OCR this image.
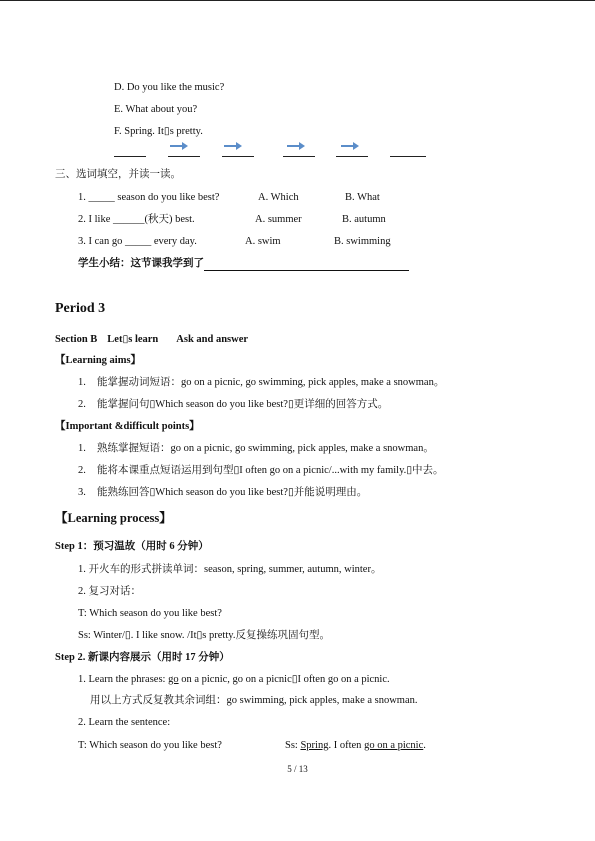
D. Do you like the music?
E. What about you?
F. Spring. It▯s pretty.
三、选词填空，并读一读。
1. _____ season do you like best?	A. Which	B. What
2. I like ______(秋天) best.	A. summer	B. autumn
3. I can go _____ every day.	A. swim	B. swimming
学生小结：这节课我学到了
Period 3
Section B Let▯s learn Ask and answer
【Learning aims】
1. 能掌握动词短语：go on a picnic, go swimming, pick apples, make a snowman。
2. 能掌握问句▯Which season do you like best?▯更详细的回答方式。
【Important &difficult points】
1. 熟练掌握短语：go on a picnic, go swimming, pick apples, make a snowman。
2. 能将本课重点短语运用到句型▯I often go on a picnic/...with my family.▯中去。
3. 能熟练回答▯Which season do you like best?▯并能说明理由。
【Learning process】
Step 1：预习温故（用时 6 分钟）
1. 开火车的形式拼读单词：season, spring, summer, autumn, winter。
2. 复习对话：
T: Which season do you like best?
Ss: Winter/▯. I like snow. /It▯s pretty.反复操练巩固句型。
Step 2. 新课内容展示（用时 17 分钟）
1. Learn the phrases: go on a picnic, go on a picnic▯I often go on a picnic.
用以上方式反复教其余词组：go swimming, pick apples, make a snowman.
2. Learn the sentence:
T: Which season do you like best?	Ss: Spring. I often go on a picnic.
5 / 13
